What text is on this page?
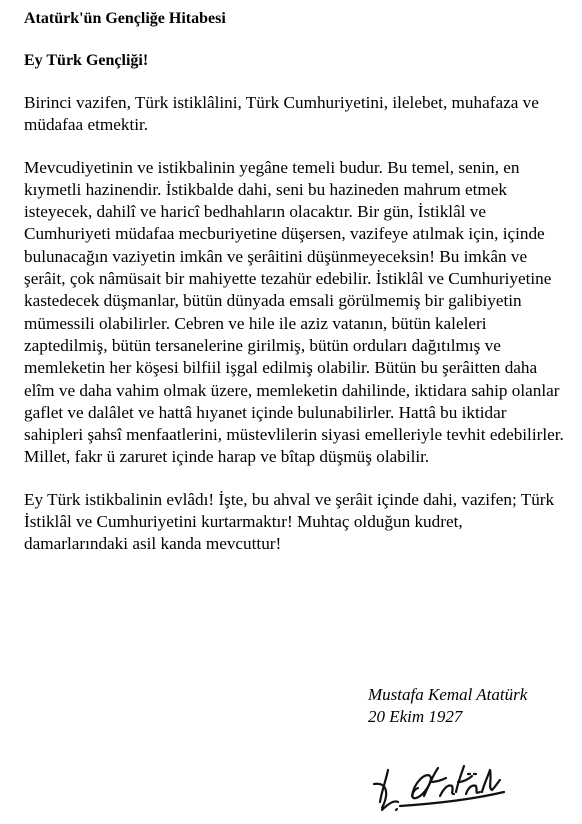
Atatürk'ün Gençliğe Hitabesi
Ey Türk Gençliği!

Birinci vazifen, Türk istiklâlini, Türk Cumhuriyetini, ilelebet, muhafaza ve müdafaa etmektir.

Mevcudiyetinin ve istikbalinin yegâne temeli budur. Bu temel, senin, en kıymetli hazinendir. İstikbalde dahi, seni bu hazineden mahrum etmek isteyecek, dahilî ve haricî bedhahların olacaktır. Bir gün, İstiklâl ve Cumhuriyeti müdafaa mecburiyetine düşersen, vazifeye atılmak için, içinde bulunacağın vaziyetin imkân ve şerâitini düşünmeyeceksin! Bu imkân ve şerâit, çok nâmüsait bir mahiyette tezahür edebilir. İstiklâl ve Cumhuriyetine kastedecek düşmanlar, bütün dünyada emsali görülmemiş bir galibiyetin mümessili olabilirler. Cebren ve hile ile aziz vatanın, bütün kaleleri zaptedilmiş, bütün tersanelerine girilmiş, bütün orduları dağıtılmış ve memleketin her köşesi bilfiil işgal edilmiş olabilir. Bütün bu şerâitten daha elîm ve daha vahim olmak üzere, memleketin dahilinde, iktidara sahip olanlar gaflet ve dalâlet ve hattâ hıyanet içinde bulunabilirler. Hattâ bu iktidar sahipleri şahsî menfaatlerini, müstevlilerin siyasi emelleriyle tevhit edebilirler. Millet, fakr ü zaruret içinde harap ve bîtap düşmüş olabilir.

Ey Türk istikbalinin evlâdı! İşte, bu ahval ve şerâit içinde dahi, vazifen; Türk İstiklâl ve Cumhuriyetini kurtarmaktır! Muhtaç olduğun kudret, damarlarındaki asil kanda mevcuttur!

Mustafa Kemal Atatürk
20 Ekim 1927
